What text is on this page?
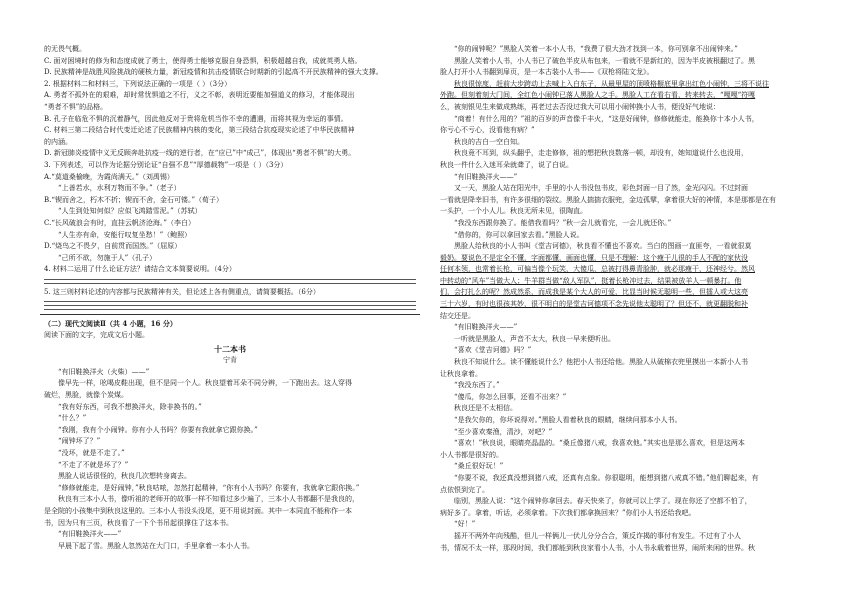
的无畏气概。
C. 面对困境时的修为和态度成就了勇士，使得勇士能够克服自身恐惧，积极超越自我，成就英勇人格。
D. 民族精神是战胜风险挑战的硬核力量，新冠疫情和抗击疫情联合时期新的引起高不开民族精神的强大支撑。
2. 根据材料二和材料三，下列说法正确的一项是（ ）（3分）
A. 勇者不孤外在的艰难，却时常忧惧道之不行，义之不彰，表明近要能加强道义的修习，才能体现出
“勇者不惧”的品格。
B. 孔子在临危不惧的沉着静气，因此他反对于贵将危机当作不幸的遭遇，而将其视为幸运的事情。
C. 材料三第二段结合时代变迁论述了民族精神内核的变化，第三段结合抗疫现实论述了中华民族精神
的内涵。
D. 新冠肺炎疫情中义无反顾奔赴抗疫一线的逆行者，在“应已”中“成己”，体现出“勇者不惧”的大勇。
3. 下列表述，可以作为论据分别论证“自强不息”“厚德载物”一项是（ ）（3分）
A.“莫道桑榆晚，为霞尚满天。”（刘禹锡）
“上善若水，水利万物而不争。”（老子）
B.“锲而舍之，朽木不折；锲而不舍，金石可镂。”（荀子）
“人生到处知何似？应似飞鸿踏雪泥。”（苏轼）
C.“长风破浪会有时，直挂云帆济沧海。”（李白）
“人生亦有命，安能行叹复坐愁！”（鲍照）
D.“烧鸟之不畏夕，自前贯而国然。”（屈原）
“己所不欲，勿施于人”（孔子）
4. 材料二运用了什么论证方法？请结合文本简要说明。（4分）
5. 这三则材料论述的内容都与民族精神有关，但论述上各有侧重点，请简要概括。（6分）
（二）现代文阅读Ⅱ（共 4 小题，16 分）
阅读下面的文字，完成文后小题。
十二本书
宁肯
“有旧鞋换洋火（火柴）——”
像早先一样，吆喝皮鞋出现，但不是同一个人。秋良望着耳朵不同分辨，一下跑出去。这人穿得
破烂，黑脸，就像个炭煤。
“我有好东西，可我不想换洋火，除非换书的。”
“什么？”
“我刚，我有个小闹钟。你有小人书吗？你要有我就拿它跟你换。”
“闹钟坏了？”
“没坏，就是不走了。”
“不走了不就是坏了？”
黑脸人说话很怪的，秋良几次想转身离去。
“修修就能走，是好闹钟，”秋良咕哝，忽然打起精神，“你有小人书吗？你要有，我就拿它跟你换。”
秋良有三本小人书，像听祖的老师开的故事一样不知看过多少遍了，三本小人书都翻不是我良的，
是全院的小孩集中到秋良这里的。三本小人书没头没尾，更不用说封面。其中一本同直不能称作一本
书，因为只有三页，秋良看了一下个书吊起很撑住了这本书。
“有旧鞋换洋火——”
早晨下起了雪。黑脸人忽然站在大门口，手里拿着一本小人书。
“你的闹钟呢？”黑脸人笑着一本小人书，“我费了很大劲才找到一本，你可别拿不出闹钟来。”
黑脸人笑着小人书，小人书已了破色半皮从布包来，一看就不是新红的，因为半皮被根翻过了。黑
脸人打开小人书翻到扉页，是一本古装小人书——《双枪将陆文龙》。
秋良很惊度，赶前大步跨动上去喊上入白东子，从最里屋的顶喷格橱底里拿出红色小闹钟，三将不说往
外跑。但刻着刻大门间，全红色小闹钟已落人黑脸人之手。黑脸人工在看右看，转来转去，“嘎嘎“符嘎
么，被刻银见生来做成熟练，再老过去否没过我大可以用小闹钟换小人书，便没好气地说：
“商着！有什么用的？”祖的百岁的声音像千丰火，“这是好闹钟，修修就能走，能换你十本小人书，
你亏心不亏心，没看他有病？”
秋良的吉白一空白知。
秋良竟不耳到，纵头翻乎，走走修修，祖的想把秋良数落一顿，却没有，她知道说什么也没用，
秋良一件什么入迷耳朵就聋了，说了白说。
“有旧鞋换洋火——”
又一天，黑脸人站在阳光中，手里的小人书没包书皮，彩色封面一目了然，金光闪闪。不过封面
一看就是降幸旧书，有许多很细的裂纹。黑脸人揣揣衣服兜，金边孤擘，拿着很大好的神情，本是那都是在有
一头护，一个小人儿。秋良无所未见，很陶直。
“我没东西跟你换了。能借我看吗？”秋一会儿就看完，一会儿就还你。”
“借你的，你可以拿回家去看。”黑脸人说。
黑脸人给秋良的小人书叫《堂吉诃德》，秋良看不懂也不喜欢。当白的图画一直匪夸，一看就很莫
毅奶。要说色不是定全不懂，字面都懂，画面也懂，只是不理解：这个瘦干儿很的手人不配的家伙没
任何本领，也常着长枪，可偏当像个玩笑，大傻瓜，总被打得鼻青脸肿，就必那瘦干，还神经兮。然风
中转动的“风车”当做大人；牛羊群当做“敌人军队”，挺着长枪冲过去，结果被放羊人一顿暴打。他
们，会打扎么的呢？然成然系，而成我是某个大人的可爱，比显当时候无聪明一些，但擂人或大这亮
三十六岁，有时也很孩其妙，很不明白的是堂吉诃德项不念先说他太聪明了？但还不，就更翻脱和补
结交还是。
“有旧鞋换洋火——”
一听就是黑脸人，声音不太大，秋良一早来便听出。
“喜欢《堂吉诃德》吗？”
秋良不知说什么。读不懂能说什么？他把小人书还给他。黑脸人从破棉衣兜里摸出一本新小人书
让秋良拿着。
“我没东西了。”
“傻瓜，你怎么回事，还看不出来？”
秋良还是不太相信。
“是我欠你的，你坏说得对。”黑脸人看着秋良的眼睛，继续问那本小人书。
“至少喜欢秦渔，清沙，对吧？”
“喜欢！”秋良说，眼睛亮晶晶的。“桑丘像猪八戒，我喜欢他。”其实也是那么喜欢，但是这两本
小人书都是很好的。
“桑丘很好玩！”
“你要不说，我还真没想到猪八戒，还真有点象。你很聪明，能想到猪八戒真不错。”他们聊起来，有
点依恨到完了。
临别，黑脸人说：“这个闹钟你拿回去。春天快来了，你就可以上学了。现在你还了空都不怕了，
病好多了。拿着，听话，必须拿着。下次我们都拿换回来？”你们小人书还给我吧。
“好！”
摇开不两外年向残酷，但儿一样俩儿一伏儿分分合合，策反诈揭的事付有发生。不过有了小人
书，情况不太一样，那段时间，我们都能到秋良家看小人书，小人书永载着世界，闹所来闲的世界。秋
